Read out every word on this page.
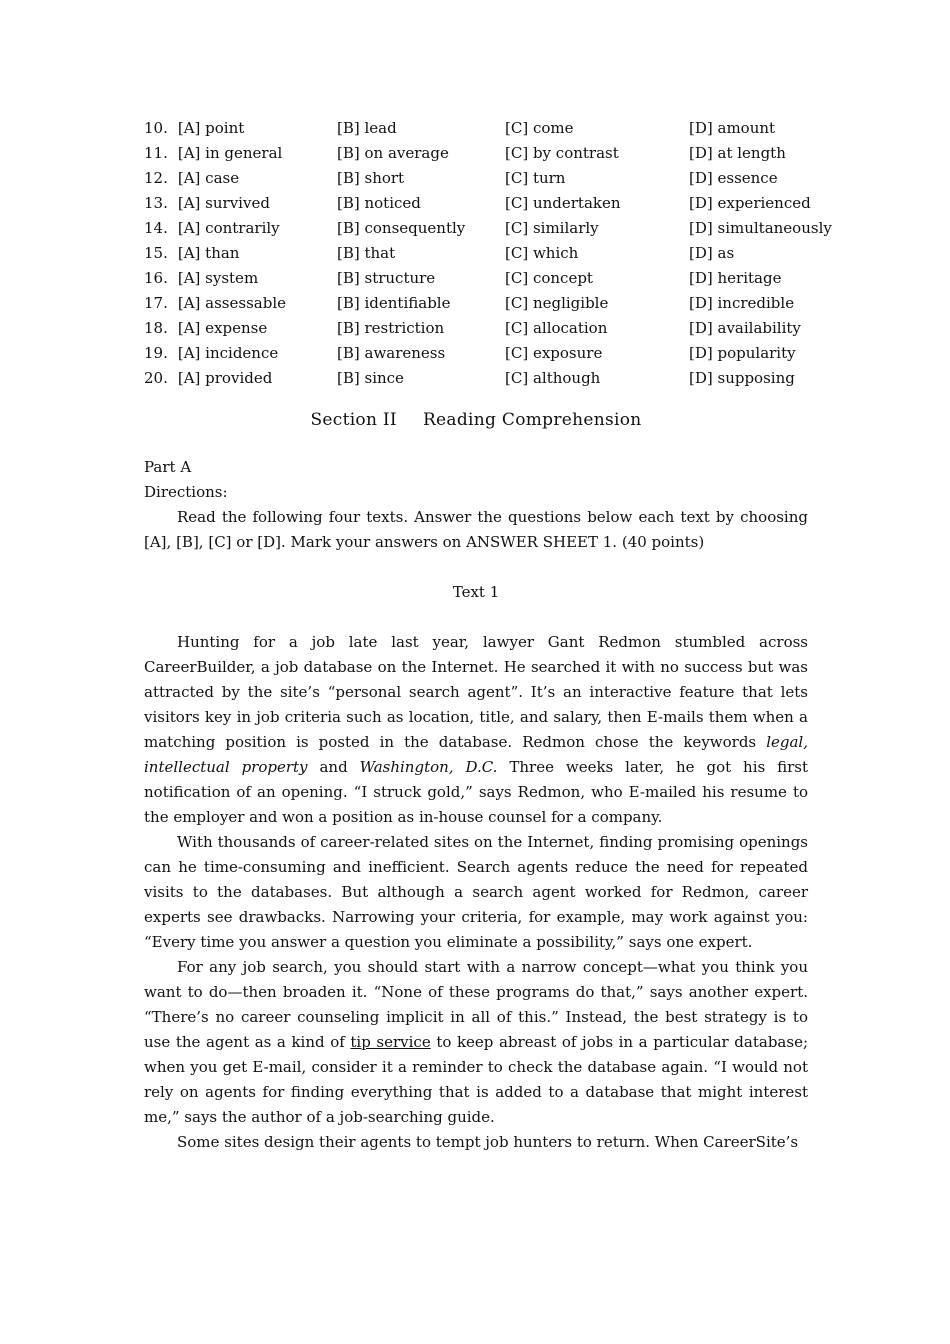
10. [A] point	[B] lead	[C] come	[D] amount
11. [A] in general	[B] on average	[C] by contrast	[D] at length
12. [A] case	[B] short	[C] turn	[D] essence
13. [A] survived	[B] noticed	[C] undertaken	[D] experienced
14. [A] contrarily	[B] consequently	[C] similarly	[D] simultaneously
15. [A] than	[B] that	[C] which	[D] as
16. [A] system	[B] structure	[C] concept	[D] heritage
17. [A] assessable	[B] identifiable	[C] negligible	[D] incredible
18. [A] expense	[B] restriction	[C] allocation	[D] availability
19. [A] incidence	[B] awareness	[C] exposure	[D] popularity
20. [A] provided	[B] since	[C] although	[D] supposing
Section II Reading Comprehension
Part A
Directions:
Read the following four texts. Answer the questions below each text by choosing [A], [B], [C] or [D]. Mark your answers on ANSWER SHEET 1. (40 points)
Text 1

Hunting for a job late last year, lawyer Gant Redmon stumbled across CareerBuilder, a job database on the Internet. He searched it with no success but was attracted by the site’s “personal search agent”. It’s an interactive feature that lets visitors key in job criteria such as location, title, and salary, then E-mails them when a matching position is posted in the database. Redmon chose the keywords legal, intellectual property and Washington, D.C. Three weeks later, he got his first notification of an opening. “I struck gold,” says Redmon, who E-mailed his resume to the employer and won a position as in-house counsel for a company.

With thousands of career-related sites on the Internet, finding promising openings can he time-consuming and inefficient. Search agents reduce the need for repeated visits to the databases. But although a search agent worked for Redmon, career experts see drawbacks. Narrowing your criteria, for example, may work against you: “Every time you answer a question you eliminate a possibility,” says one expert.

For any job search, you should start with a narrow concept—what you think you want to do—then broaden it. “None of these programs do that,” says another expert. “There’s no career counseling implicit in all of this.” Instead, the best strategy is to use the agent as a kind of tip service to keep abreast of jobs in a particular database; when you get E-mail, consider it a reminder to check the database again. “I would not rely on agents for finding everything that is added to a database that might interest me,” says the author of a job-searching guide.

Some sites design their agents to tempt job hunters to return. When CareerSite’s
